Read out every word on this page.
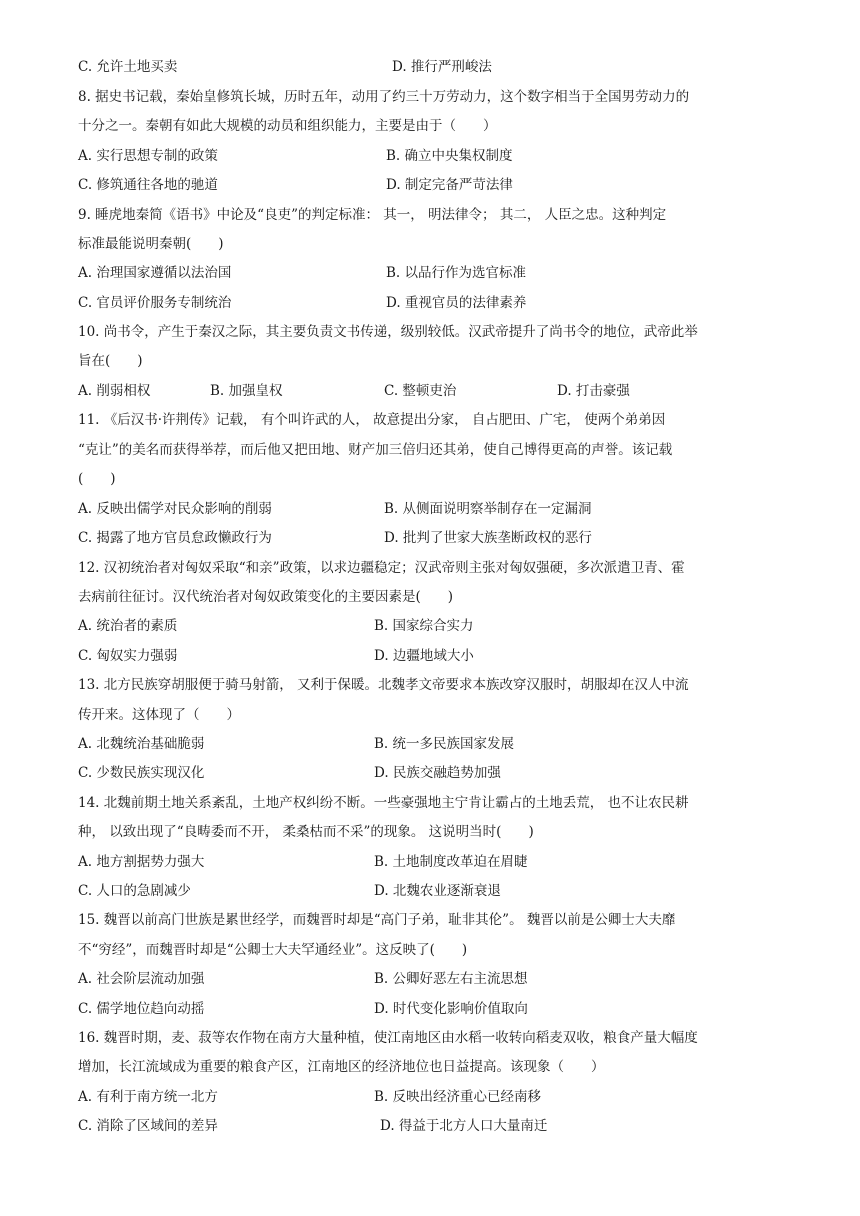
C. 允许土地买卖	D. 推行严刑峻法
8. 据史书记载，秦始皇修筑长城，历时五年，动用了约三十万劳动力，这个数字相当于全国男劳动力的
十分之一。秦朝有如此大规模的动员和组织能力，主要是由于（　　）
A. 实行思想专制的政策	B. 确立中央集权制度
C. 修筑通往各地的驰道	D. 制定完备严苛法律
9. 睡虎地秦简《语书》中论及“良吏”的判定标准： 其一， 明法律令； 其二， 人臣之忠。这种判定
标准最能说明秦朝(　　)
A. 治理国家遵循以法治国	B. 以品行作为选官标准
C. 官员评价服务专制统治	D. 重视官员的法律素养
10. 尚书令，产生于秦汉之际，其主要负责文书传递，级别较低。汉武帝提升了尚书令的地位，武帝此举
旨在(　　)
A. 削弱相权	B. 加强皇权	C. 整顿吏治	D. 打击豪强
11. 《后汉书·许荆传》记载， 有个叫许武的人， 故意提出分家， 自占肥田、广宅， 使两个弟弟因
“克让”的美名而获得举荐，而后他又把田地、财产加三倍归还其弟，使自己博得更高的声誉。该记载
(　　)
A. 反映出儒学对民众影响的削弱	B. 从侧面说明察举制存在一定漏洞
C. 揭露了地方官员怠政懒政行为	D. 批判了世家大族垄断政权的恶行
12. 汉初统治者对匈奴采取“和亲”政策，以求边疆稳定；汉武帝则主张对匈奴强硬，多次派遣卫青、霍
去病前往征讨。汉代统治者对匈奴政策变化的主要因素是(　　)
A. 统治者的素质	B. 国家综合实力
C. 匈奴实力强弱	D. 边疆地域大小
13. 北方民族穿胡服便于骑马射箭， 又利于保暖。北魏孝文帝要求本族改穿汉服时，胡服却在汉人中流
传开来。这体现了（　　）
A. 北魏统治基础脆弱	B. 统一多民族国家发展
C. 少数民族实现汉化	D. 民族交融趋势加强
14. 北魏前期土地关系紊乱，土地产权纠纷不断。一些豪强地主宁肯让霸占的土地丢荒， 也不让农民耕
种， 以致出现了“良畴委而不开， 柔桑枯而不采”的现象。 这说明当时(　　)
A. 地方割据势力强大	B. 土地制度改革迫在眉睫
C. 人口的急剧减少	D. 北魏农业逐渐衰退
15. 魏晋以前高门世族是累世经学，而魏晋时却是“高门子弟，耻非其伦”。 魏晋以前是公卿士大夫靡
不“穷经”，而魏晋时却是“公卿士大夫罕通经业”。这反映了(　　)
A. 社会阶层流动加强	B. 公卿好恶左右主流思想
C. 儒学地位趋向动摇	D. 时代变化影响价值取向
16. 魏晋时期，麦、菽等农作物在南方大量种植，使江南地区由水稻一收转向稻麦双收，粮食产量大幅度
增加，长江流域成为重要的粮食产区，江南地区的经济地位也日益提高。该现象（　　）
A. 有利于南方统一北方	B. 反映出经济重心已经南移
C. 消除了区域间的差异	D. 得益于北方人口大量南迁
